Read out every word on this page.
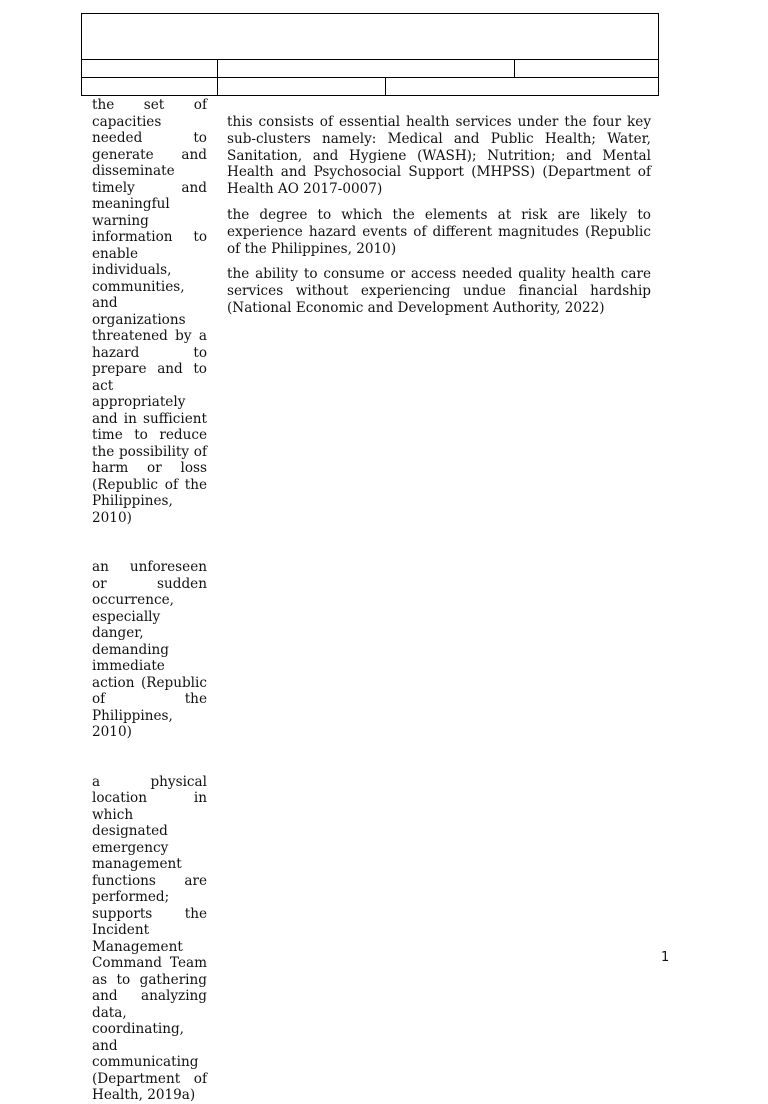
the set of capacities needed to generate and disseminate timely and meaningful warning information to enable individuals, communities, and organizations threatened by a hazard to prepare and to act appropriately and in sufficient time to reduce the possibility of harm or loss (Republic of the Philippines, 2010)

an unforeseen or sudden occurrence, especially danger, demanding immediate action (Republic of the Philippines, 2010)

a physical location in which designated emergency management functions are performed; supports the Incident Management Command Team as to gathering and analyzing data, coordinating, and communicating (Department of Health, 2019a)

this consists of essential health services under the four key sub-clusters namely: Medical and Public Health; Water, Sanitation, and Hygiene (WASH); Nutrition; and Mental Health and Psychosocial Support (MHPSS) (Department of Health AO 2017-0007)

the degree to which the elements at risk are likely to experience hazard events of different magnitudes (Republic of the Philippines, 2010)

the ability to consume or access needed quality health care services without experiencing undue financial hardship (National Economic and Development Authority, 2022)

1
